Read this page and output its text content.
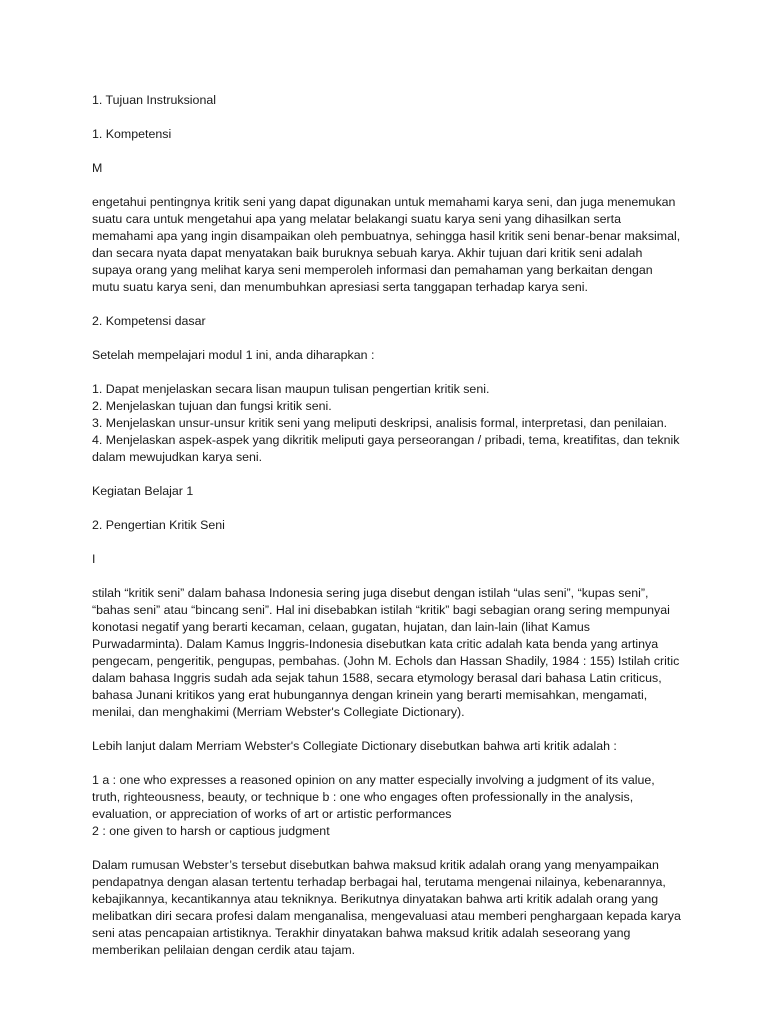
1. Tujuan Instruksional

1. Kompetensi

M

engetahui pentingnya kritik seni yang dapat digunakan untuk memahami karya seni, dan juga menemukan suatu cara untuk mengetahui apa yang melatar belakangi suatu karya seni yang dihasilkan serta memahami apa yang ingin disampaikan oleh pembuatnya, sehingga hasil kritik seni benar-benar maksimal, dan secara nyata dapat menyatakan baik buruknya sebuah karya. Akhir tujuan dari kritik seni adalah supaya orang yang melihat karya seni memperoleh informasi dan pemahaman yang berkaitan dengan mutu suatu karya seni, dan menumbuhkan apresiasi serta tanggapan terhadap karya seni.

2. Kompetensi dasar

Setelah mempelajari modul 1 ini, anda diharapkan :

1. Dapat menjelaskan secara lisan maupun tulisan pengertian kritik seni.
2. Menjelaskan tujuan dan fungsi kritik seni.
3. Menjelaskan unsur-unsur kritik seni yang meliputi deskripsi, analisis formal, interpretasi, dan penilaian.
4. Menjelaskan aspek-aspek yang dikritik meliputi gaya perseorangan / pribadi, tema, kreatifitas, dan teknik dalam mewujudkan karya seni.

Kegiatan Belajar 1

2. Pengertian Kritik Seni

I

stilah “kritik seni” dalam bahasa Indonesia sering juga disebut dengan istilah “ulas seni”, “kupas seni”, “bahas seni” atau “bincang seni”. Hal ini disebabkan istilah “kritik” bagi sebagian orang sering mempunyai konotasi negatif yang berarti kecaman, celaan, gugatan, hujatan, dan lain-lain (lihat Kamus Purwadarminta). Dalam Kamus Inggris-Indonesia disebutkan kata critic adalah kata benda yang artinya pengecam, pengeritik, pengupas, pembahas. (John M. Echols dan Hassan Shadily, 1984 : 155) Istilah critic dalam bahasa Inggris sudah ada sejak tahun 1588, secara etymology berasal dari bahasa Latin criticus, bahasa Junani kritikos yang erat hubungannya dengan krinein yang berarti memisahkan, mengamati, menilai, dan menghakimi (Merriam Webster's Collegiate Dictionary).

Lebih lanjut dalam Merriam Webster's Collegiate Dictionary disebutkan bahwa arti kritik adalah :

1 a : one who expresses a reasoned opinion on any matter especially involving a judgment of its value, truth, righteousness, beauty, or technique b : one who engages often professionally in the analysis, evaluation, or appreciation of works of art or artistic performances
2 : one given to harsh or captious judgment

Dalam rumusan Webster’s tersebut disebutkan bahwa maksud kritik adalah orang yang menyampaikan pendapatnya dengan alasan tertentu terhadap berbagai hal, terutama mengenai nilainya, kebenarannya, kebajikannya, kecantikannya atau tekniknya. Berikutnya dinyatakan bahwa arti kritik adalah orang yang melibatkan diri secara profesi dalam menganalisa, mengevaluasi atau memberi penghargaan kepada karya seni atas pencapaian artistiknya. Terakhir dinyatakan bahwa maksud kritik adalah seseorang yang memberikan pelilaian dengan cerdik atau tajam.
